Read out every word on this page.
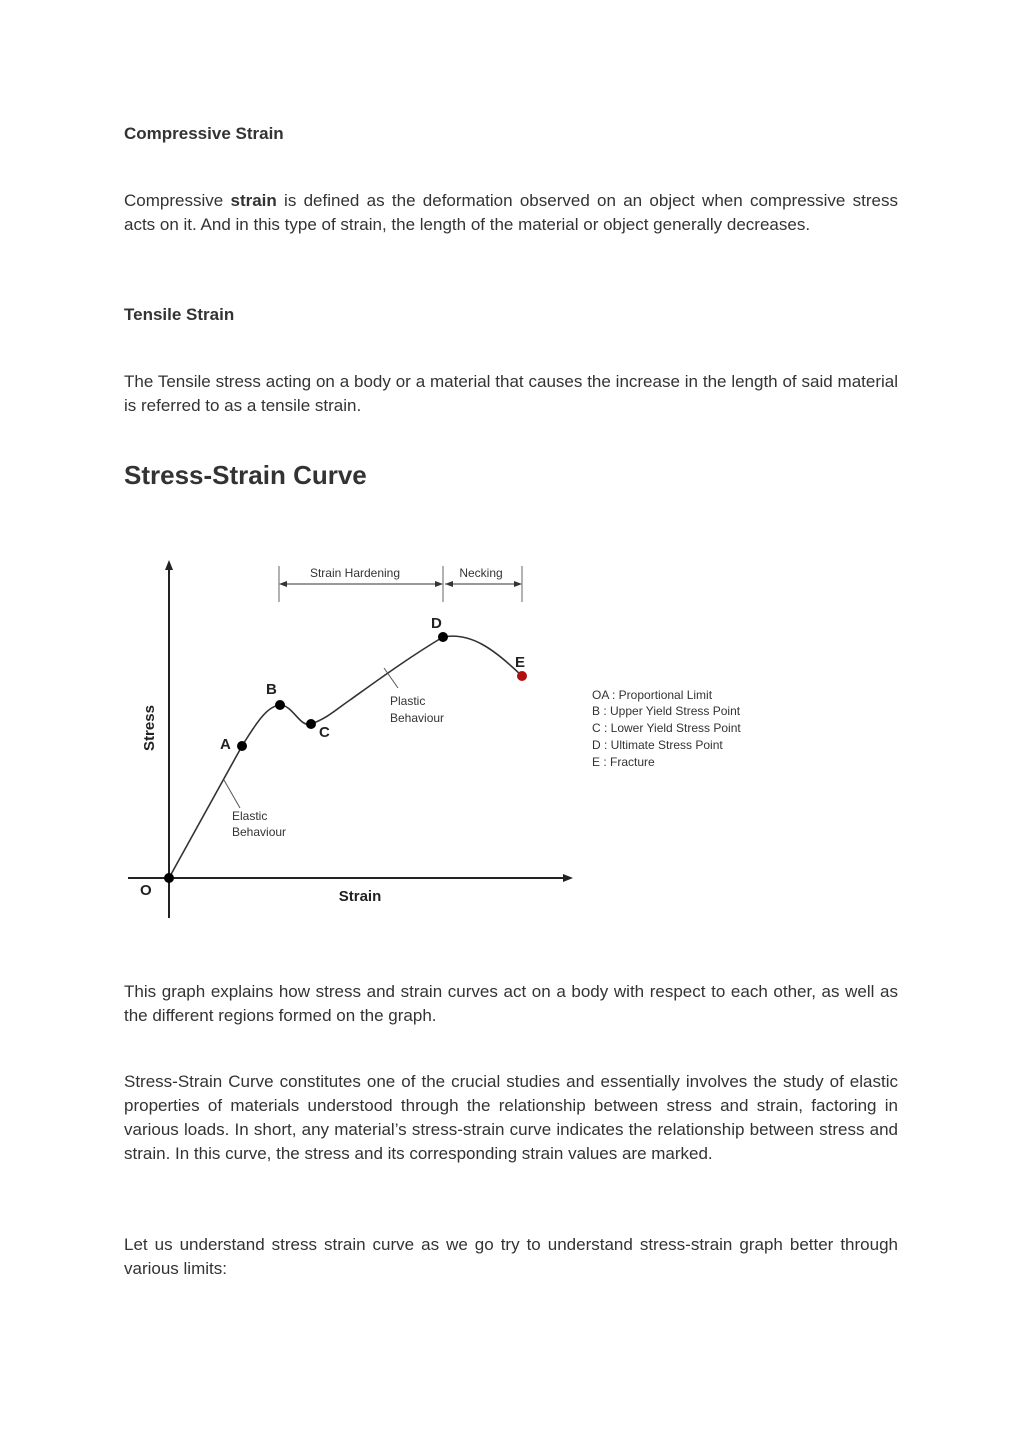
Compressive Strain

Compressive strain is defined as the deformation observed on an object when compressive stress acts on it. And in this type of strain, the length of the material or object generally decreases.

Tensile Strain

The Tensile stress acting on a body or a material that causes the increase in the length of said material is referred to as a tensile strain.

Stress-Strain Curve
Stress
Strain
O
Strain Hardening	Necking
Elastic
Behaviour
Plastic
Behaviour
A
B
C
D
E
OA : Proportional Limit
B : Upper Yield Stress Point
C : Lower Yield Stress Point
D : Ultimate Stress Point
E : Fracture

This graph explains how stress and strain curves act on a body with respect to each other, as well as the different regions formed on the graph.

Stress-Strain Curve constitutes one of the crucial studies and essentially involves the study of elastic properties of materials understood through the relationship between stress and strain, factoring in various loads. In short, any material’s stress-strain curve indicates the relationship between stress and strain. In this curve, the stress and its corresponding strain values are marked.

Let us understand stress strain curve as we go try to understand stress-strain graph better through various limits:
